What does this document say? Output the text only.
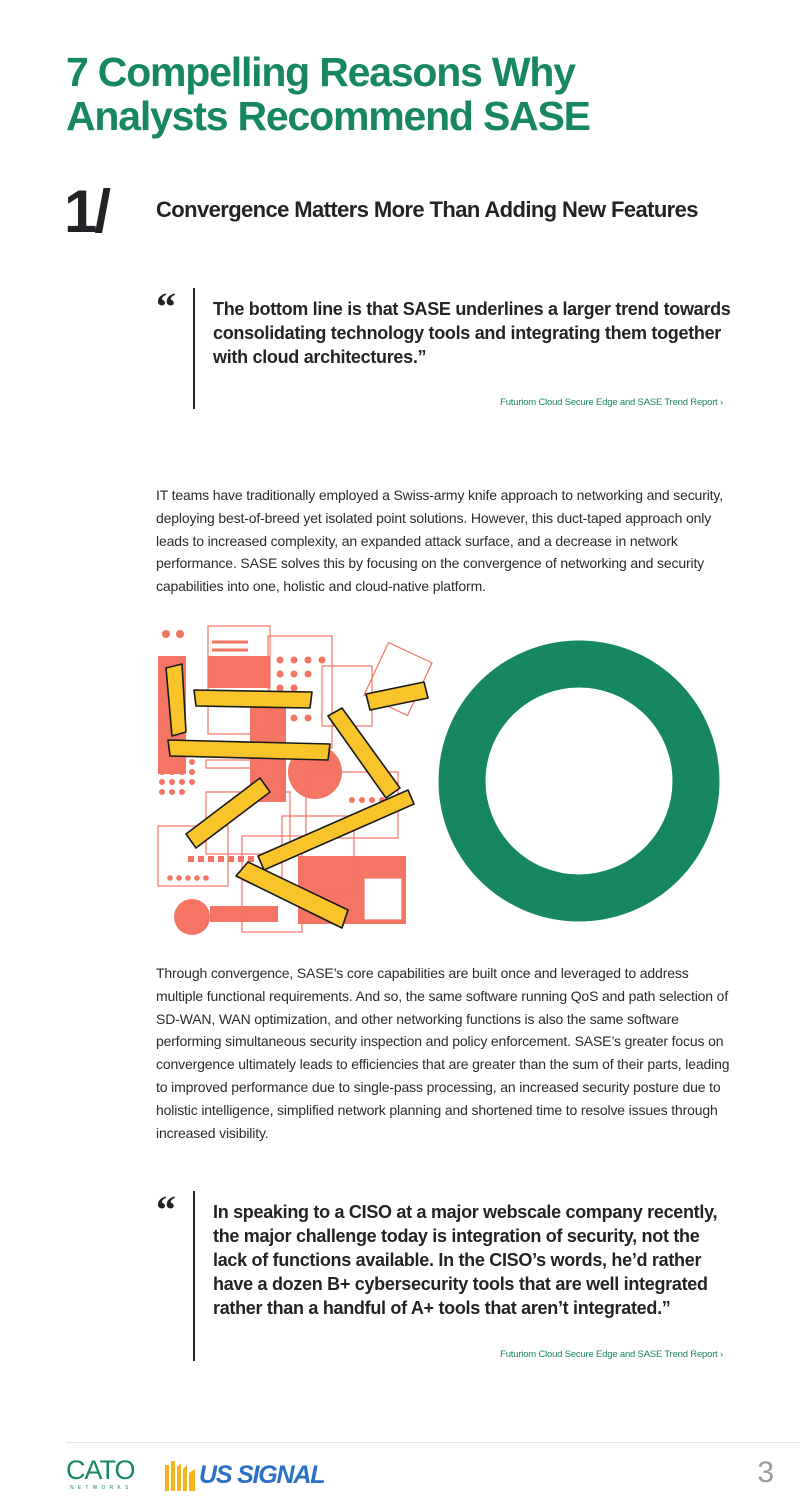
7 Compelling Reasons Why Analysts Recommend SASE
1/ Convergence Matters More Than Adding New Features
“ The bottom line is that SASE underlines a larger trend towards consolidating technology tools and integrating them together with cloud architectures.”

Futuriom Cloud Secure Edge and SASE Trend Report ›

IT teams have traditionally employed a Swiss-army knife approach to networking and security, deploying best-of-breed yet isolated point solutions. However, this duct-taped approach only leads to increased complexity, an expanded attack surface, and a decrease in network performance. SASE solves this by focusing on the convergence of networking and security capabilities into one, holistic and cloud-native platform.

Through convergence, SASE’s core capabilities are built once and leveraged to address multiple functional requirements. And so, the same software running QoS and path selection of SD-WAN, WAN optimization, and other networking functions is also the same software performing simultaneous security inspection and policy enforcement. SASE’s greater focus on convergence ultimately leads to efficiencies that are greater than the sum of their parts, leading to improved performance due to single-pass processing, an increased security posture due to holistic intelligence, simplified network planning and shortened time to resolve issues through increased visibility.

“ In speaking to a CISO at a major webscale company recently, the major challenge today is integration of security, not the lack of functions available. In the CISO’s words, he’d rather have a dozen B+ cybersecurity tools that are well integrated rather than a handful of A+ tools that aren’t integrated.”

Futuriom Cloud Secure Edge and SASE Trend Report ›
CATO
NETWORKS	US SIGNAL	3
